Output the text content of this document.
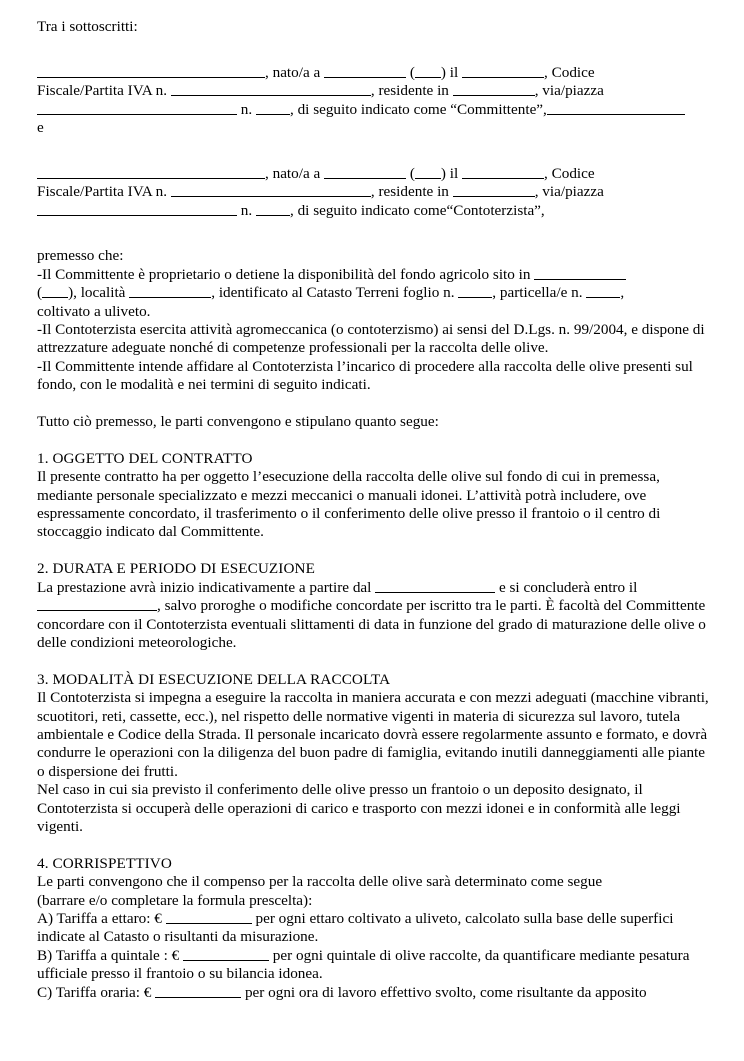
Tra i sottoscritti:

, nato/a a	( ) il	, Codice

Fiscale/Partita IVA n.	, residente in	, via/piazza

n. , di seguito indicato come “Committente”,

e

, nato/a a	( ) il	, Codice

Fiscale/Partita IVA n.	, residente in	, via/piazza

n. , di seguito indicato come“Contoterzista”,

premesso che:

-Il Committente è proprietario o detiene la disponibilità del fondo agricolo sito in
( ), località	, identificato al Catasto Terreni foglio n. , particella/e n. ,
coltivato a uliveto.

-Il Contoterzista esercita attività agromeccanica (o contoterzismo) ai sensi del D.Lgs. n. 99/2004, e dispone di attrezzature adeguate nonché di competenze professionali per la raccolta delle olive.

-Il Committente intende affidare al Contoterzista l’incarico di procedere alla raccolta delle olive presenti sul fondo, con le modalità e nei termini di seguito indicati.

Tutto ciò premesso, le parti convengono e stipulano quanto segue:

1. OGGETTO DEL CONTRATTO

Il presente contratto ha per oggetto l’esecuzione della raccolta delle olive sul fondo di cui in premessa, mediante personale specializzato e mezzi meccanici o manuali idonei. L’attività potrà includere, ove espressamente concordato, il trasferimento o il conferimento delle olive presso il frantoio o il centro di stoccaggio indicato dal Committente.

2. DURATA E PERIODO DI ESECUZIONE

La prestazione avrà inizio indicativamente a partire dal	e si concluderà entro il
, salvo proroghe o modifiche concordate per iscritto tra le parti. È facoltà del Committente concordare con il Contoterzista eventuali slittamenti di data in funzione del grado di maturazione delle olive o delle condizioni meteorologiche.

3. MODALITÀ DI ESECUZIONE DELLA RACCOLTA

Il Contoterzista si impegna a eseguire la raccolta in maniera accurata e con mezzi adeguati (macchine vibranti, scuotitori, reti, cassette, ecc.), nel rispetto delle normative vigenti in materia di sicurezza sul lavoro, tutela ambientale e Codice della Strada. Il personale incaricato dovrà essere regolarmente assunto e formato, e dovrà condurre le operazioni con la diligenza del buon padre di famiglia, evitando inutili danneggiamenti alle piante o dispersione dei frutti.

Nel caso in cui sia previsto il conferimento delle olive presso un frantoio o un deposito designato, il Contoterzista si occuperà delle operazioni di carico e trasporto con mezzi idonei e in conformità alle leggi vigenti.

4. CORRISPETTIVO

Le parti convengono che il compenso per la raccolta delle olive sarà determinato come segue

(barrare e/o completare la formula prescelta):

A) Tariffa a ettaro: €	per ogni ettaro coltivato a uliveto, calcolato sulla base delle superfici indicate al Catasto o risultanti da misurazione.

B) Tariffa a quintale : €	per ogni quintale di olive raccolte, da quantificare mediante pesatura ufficiale presso il frantoio o su bilancia idonea.

C) Tariffa oraria: €	per ogni ora di lavoro effettivo svolto, come risultante da apposito
